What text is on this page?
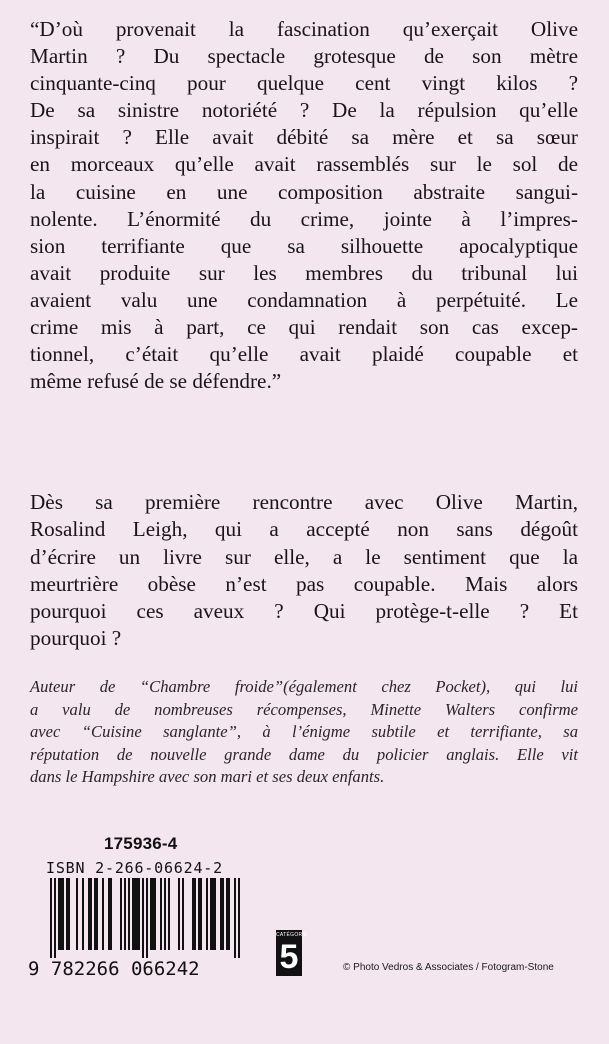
“D’où provenait la fascination qu’exerçait Olive
Martin ? Du spectacle grotesque de son mètre
cinquante-cinq pour quelque cent vingt kilos ?
De sa sinistre notoriété ? De la répulsion qu’elle
inspirait ? Elle avait débité sa mère et sa sœur
en morceaux qu’elle avait rassemblés sur le sol de
la cuisine en une composition abstraite sangui-
nolente. L’énormité du crime, jointe à l’impres-
sion terrifiante que sa silhouette apocalyptique
avait produite sur les membres du tribunal lui
avaient valu une condamnation à perpétuité. Le
crime mis à part, ce qui rendait son cas excep-
tionnel, c’était qu’elle avait plaidé coupable et
même refusé de se défendre.”
Dès sa première rencontre avec Olive Martin,
Rosalind Leigh, qui a accepté non sans dégoût
d’écrire un livre sur elle, a le sentiment que la
meurtrière obèse n’est pas coupable. Mais alors
pourquoi ces aveux ? Qui protège-t-elle ? Et
pourquoi ?
Auteur de “Chambre froide”(également chez Pocket), qui lui
a valu de nombreuses récompenses, Minette Walters confirme
avec “Cuisine sanglante”, à l’énigme subtile et terrifiante, sa
réputation de nouvelle grande dame du policier anglais. Elle vit
dans le Hampshire avec son mari et ses deux enfants.
175936-4
ISBN 2-266-06624-2
9 782266 066242
CATÉGORIE
5	© Photo Vedros & Associates / Fotogram-Stone
